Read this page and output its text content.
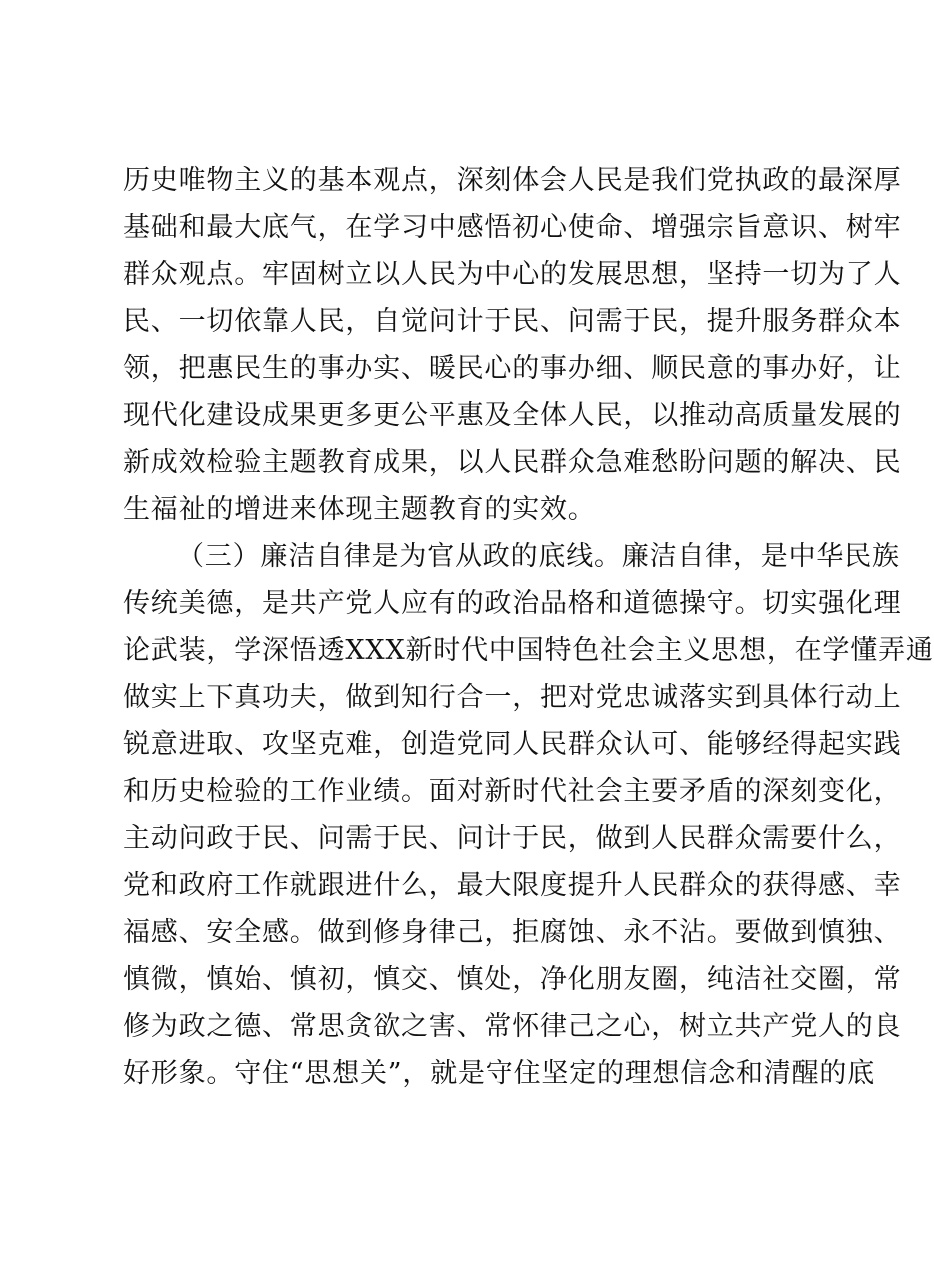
历史唯物主义的基本观点，深刻体会人民是我们党执政的最深厚
基础和最大底气，在学习中感悟初心使命、增强宗旨意识、树牢
群众观点。牢固树立以人民为中心的发展思想，坚持一切为了人
民、一切依靠人民，自觉问计于民、问需于民，提升服务群众本
领，把惠民生的事办实、暖民心的事办细、顺民意的事办好，让
现代化建设成果更多更公平惠及全体人民，以推动高质量发展的
新成效检验主题教育成果，以人民群众急难愁盼问题的解决、民
生福祉的增进来体现主题教育的实效。
（三）廉洁自律是为官从政的底线。廉洁自律，是中华民族
传统美德，是共产党人应有的政治品格和道德操守。切实强化理
论武装，学深悟透XXX新时代中国特色社会主义思想，在学懂弄通
做实上下真功夫，做到知行合一，把对党忠诚落实到具体行动上
锐意进取、攻坚克难，创造党同人民群众认可、能够经得起实践
和历史检验的工作业绩。面对新时代社会主要矛盾的深刻变化，
主动问政于民、问需于民、问计于民，做到人民群众需要什么，
党和政府工作就跟进什么，最大限度提升人民群众的获得感、幸
福感、安全感。做到修身律己，拒腐蚀、永不沾。要做到慎独、
慎微，慎始、慎初，慎交、慎处，净化朋友圈，纯洁社交圈，常
修为政之德、常思贪欲之害、常怀律己之心，树立共产党人的良
好形象。守住“思想关”，就是守住坚定的理想信念和清醒的底
